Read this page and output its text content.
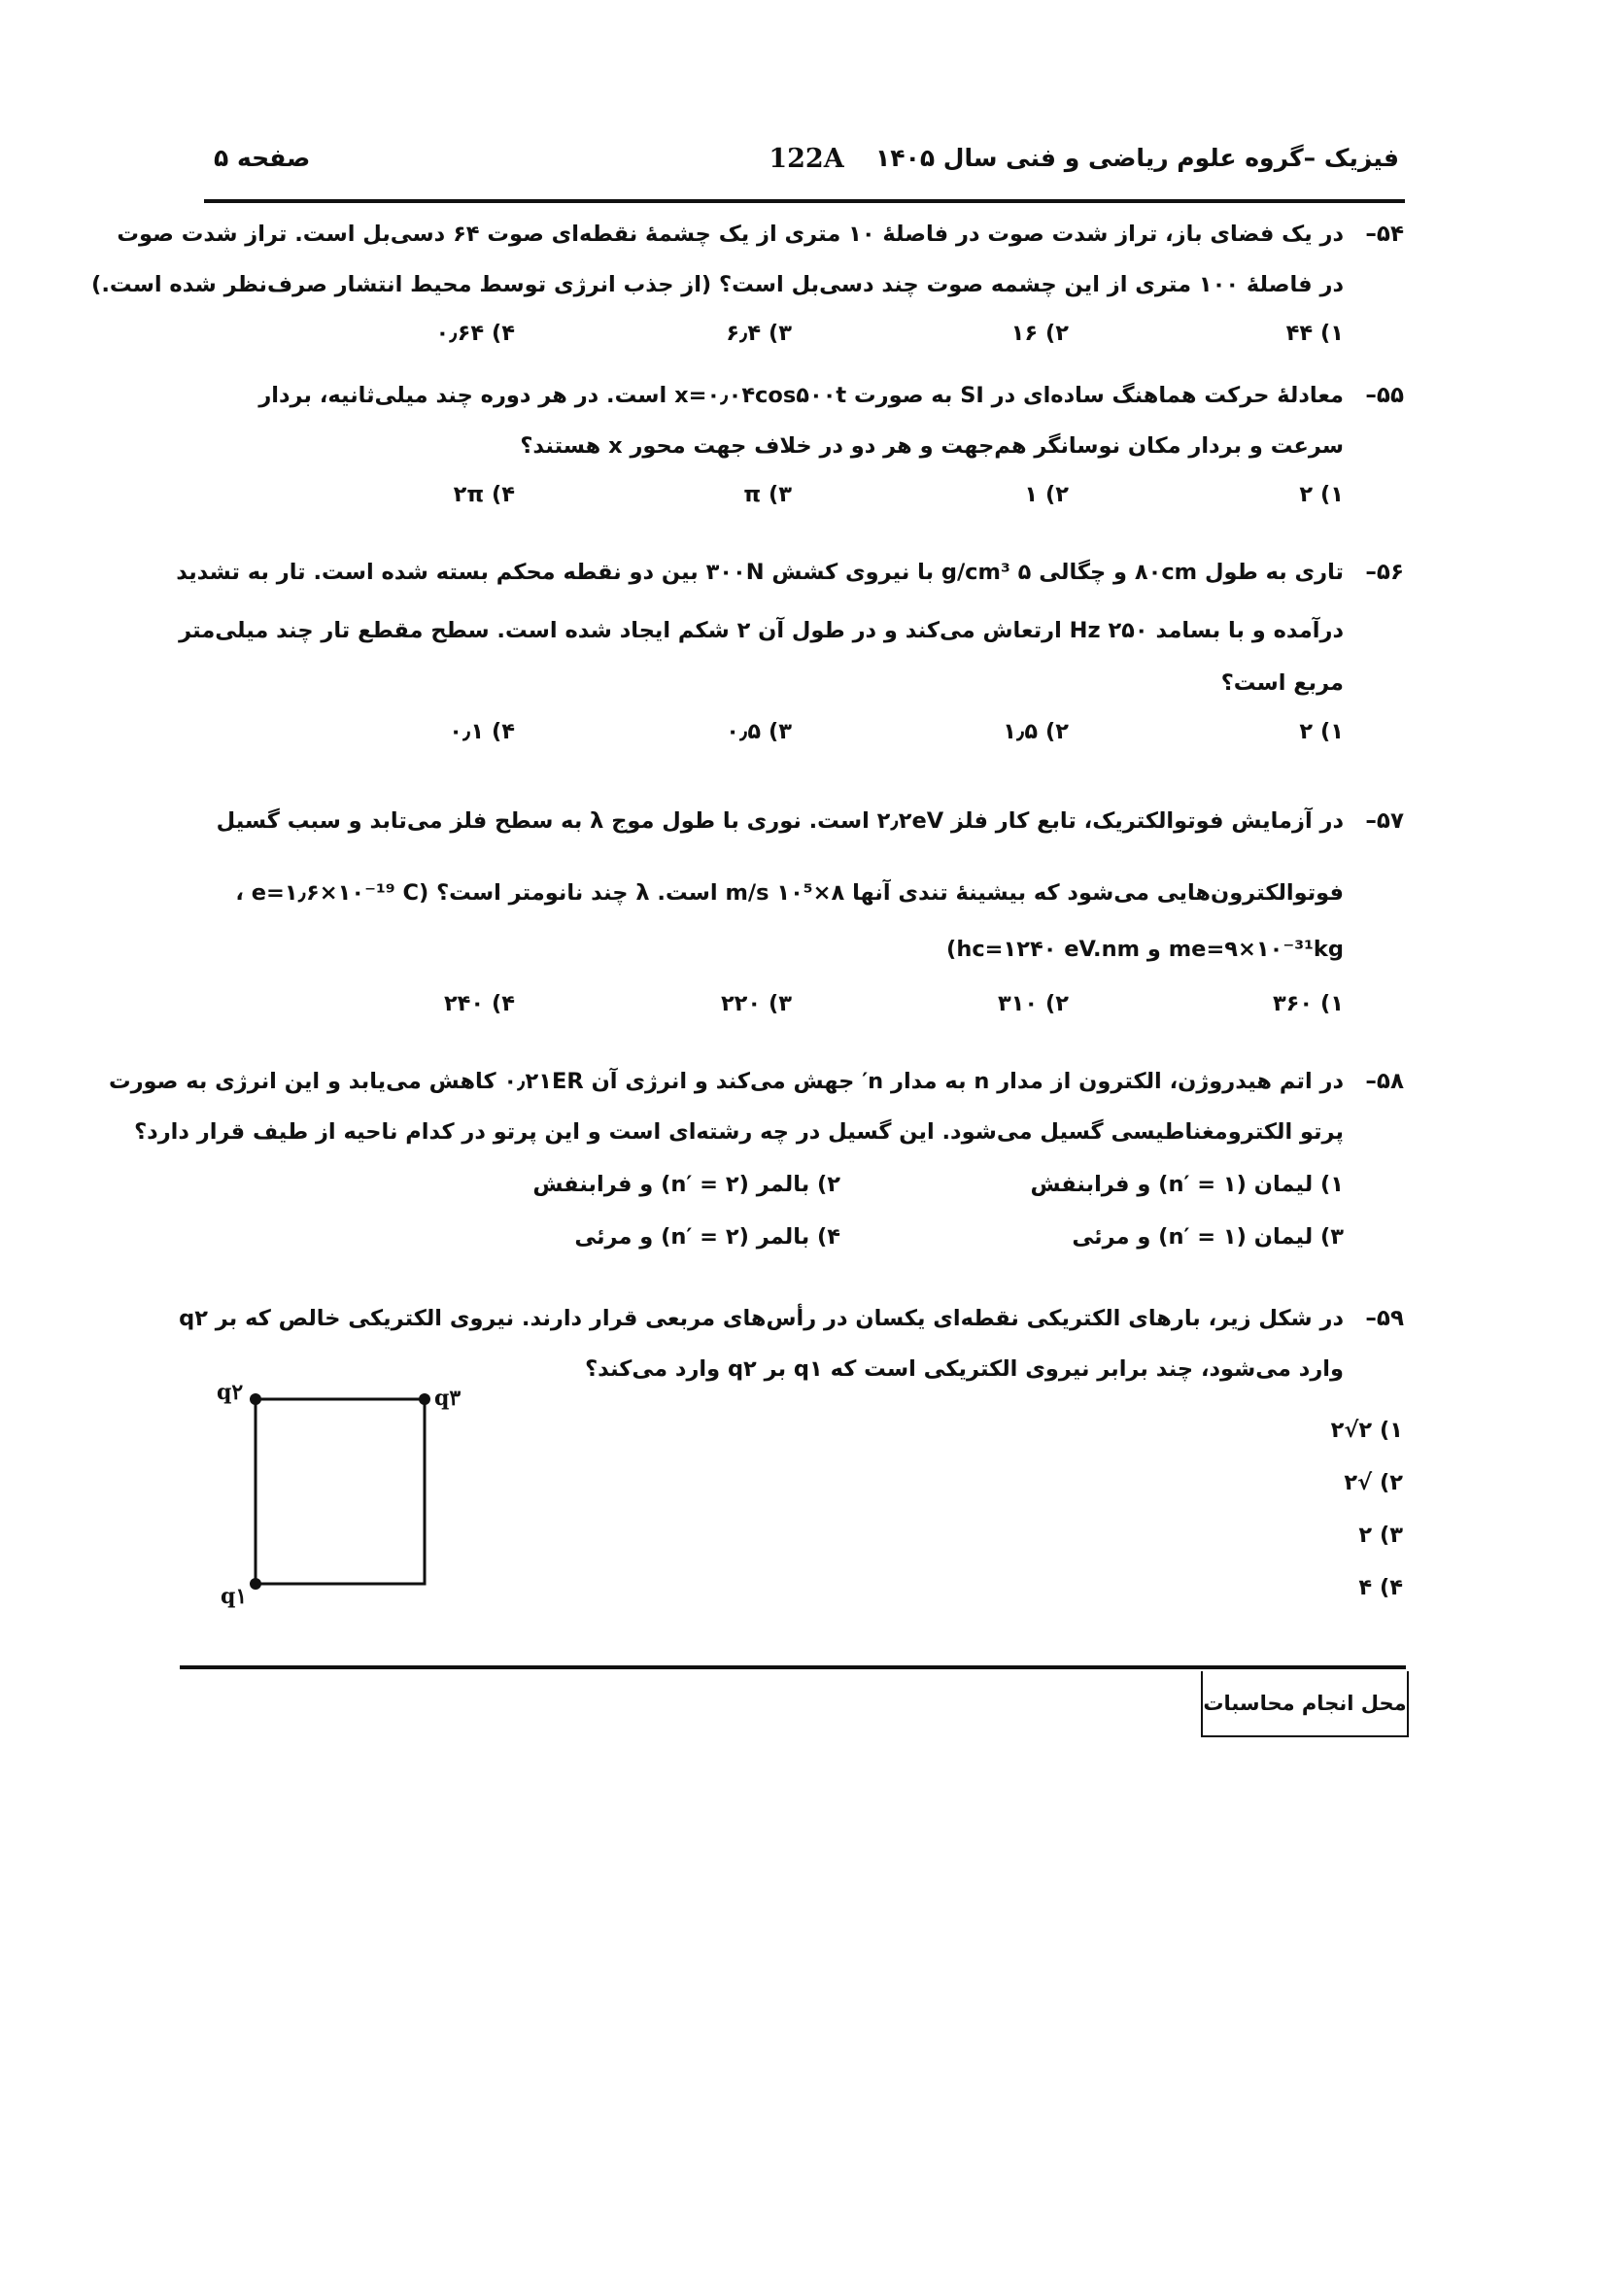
فیزیک –گروه علوم ریاضی و فنی سال ۱۴۰۵
122A
صفحه ۵
۵۴–
در یک فضای باز، تراز شدت صوت در فاصلهٔ ۱۰ متری از یک چشمهٔ نقطه‌ای صوت ۶۴ دسی‌بل است. تراز شدت صوت
در فاصلهٔ ۱۰۰ متری از این چشمه صوت چند دسی‌بل است؟ (از جذب انرژی توسط محیط انتشار صرف‌نظر شده است.)
۱) ۴۴
۲) ۱۶
۳) ۶٫۴
۴) ۰٫۶۴
۵۵–
معادلهٔ حرکت هماهنگ ساده‌ای در SI به صورت x=۰٫۰۴cos۵۰۰t است. در هر دوره چند میلی‌ثانیه، بردار
سرعت و بردار مکان نوسانگر هم‌جهت و هر دو در خلاف جهت محور x هستند؟
۱) ۲
۲) ۱
۳) π
۴) ۲π
۵۶–
تاری به طول ۸۰cm و چگالی ۵ g/cm³ با نیروی کشش ۳۰۰N بین دو نقطه محکم بسته شده است. تار به تشدید
درآمده و با بسامد ۲۵۰ Hz ارتعاش می‌کند و در طول آن ۲ شکم ایجاد شده است. سطح مقطع تار چند میلی‌متر
مربع است؟
۱) ۲
۲) ۱٫۵
۳) ۰٫۵
۴) ۰٫۱
۵۷–
در آزمایش فوتوالکتریک، تابع کار فلز ۲٫۲eV است. نوری با طول موج λ به سطح فلز می‌تابد و سبب گسیل
فوتوالکترون‌هایی می‌شود که بیشینهٔ تندی آنها ۸×۱۰⁵ m/s است. λ چند نانومتر است؟ (e=۱٫۶×۱۰⁻¹⁹ C ،
me=۹×۱۰⁻³¹kg و hc=۱۲۴۰ eV.nm)
۱) ۳۶۰
۲) ۳۱۰
۳) ۲۲۰
۴) ۲۴۰
۵۸–
در اتم هیدروژن، الکترون از مدار n به مدار n′ جهش می‌کند و انرژی آن ۰٫۲۱ER کاهش می‌یابد و این انرژی به صورت
پرتو الکترومغناطیسی گسیل می‌شود. این گسیل در چه رشته‌ای است و این پرتو در کدام ناحیه از طیف قرار دارد؟
۱) لیمان (n′ = ۱) و فرابنفش
۲) بالمر (n′ = ۲) و فرابنفش
۳) لیمان (n′ = ۱) و مرئی
۴) بالمر (n′ = ۲) و مرئی
۵۹–
در شکل زیر، بارهای الکتریکی نقطه‌ای یکسان در رأس‌های مربعی قرار دارند. نیروی الکتریکی خالص که بر q۲
وارد می‌شود، چند برابر نیروی الکتریکی است که q۱ بر q۲ وارد می‌کند؟
q۲	q۳
q۱
۱) ۲√۲
۲) √۲
۳) ۲
۴) ۴
محل انجام محاسبات
